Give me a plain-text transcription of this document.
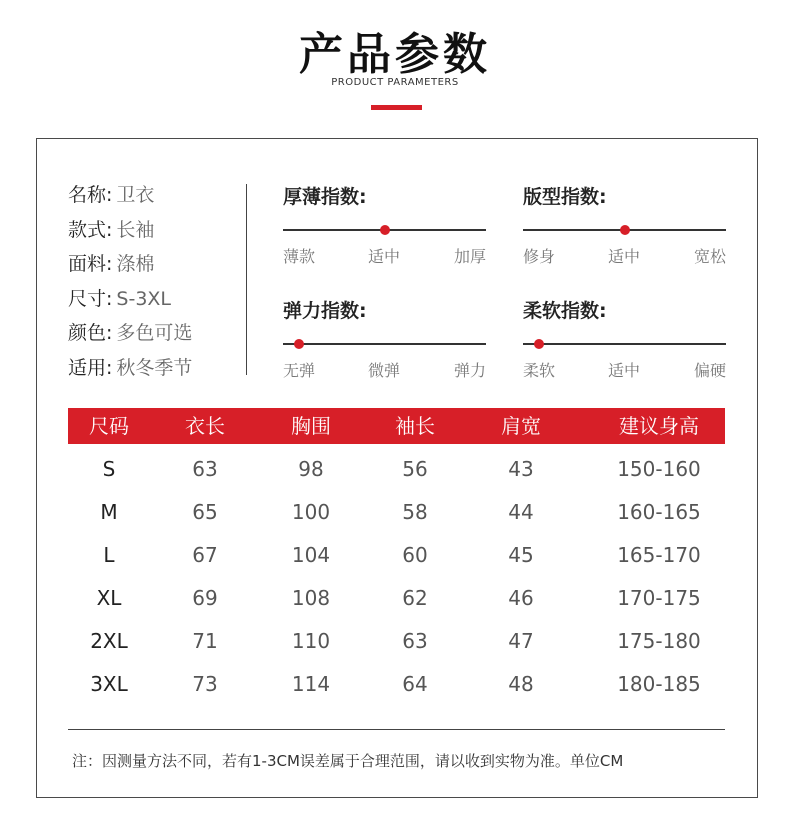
产品参数
PRODUCT PARAMETERS
名称: 卫衣
款式: 长袖
面料: 涤棉
尺寸: S-3XL
颜色: 多色可选
适用: 秋冬季节
厚薄指数:
薄款	适中	加厚
版型指数:
修身	适中	宽松
弹力指数:
无弹	微弹	弹力
柔软指数:
柔软	适中	偏硬
尺码	衣长	胸围	袖长	肩宽	建议身高
S	63	98	56	43	150-160
M	65	100	58	44	160-165
L	67	104	60	45	165-170
XL	69	108	62	46	170-175
2XL	71	110	63	47	175-180
3XL	73	114	64	48	180-185
注：因测量方法不同，若有1-3CM误差属于合理范围，请以收到实物为准。单位CM
